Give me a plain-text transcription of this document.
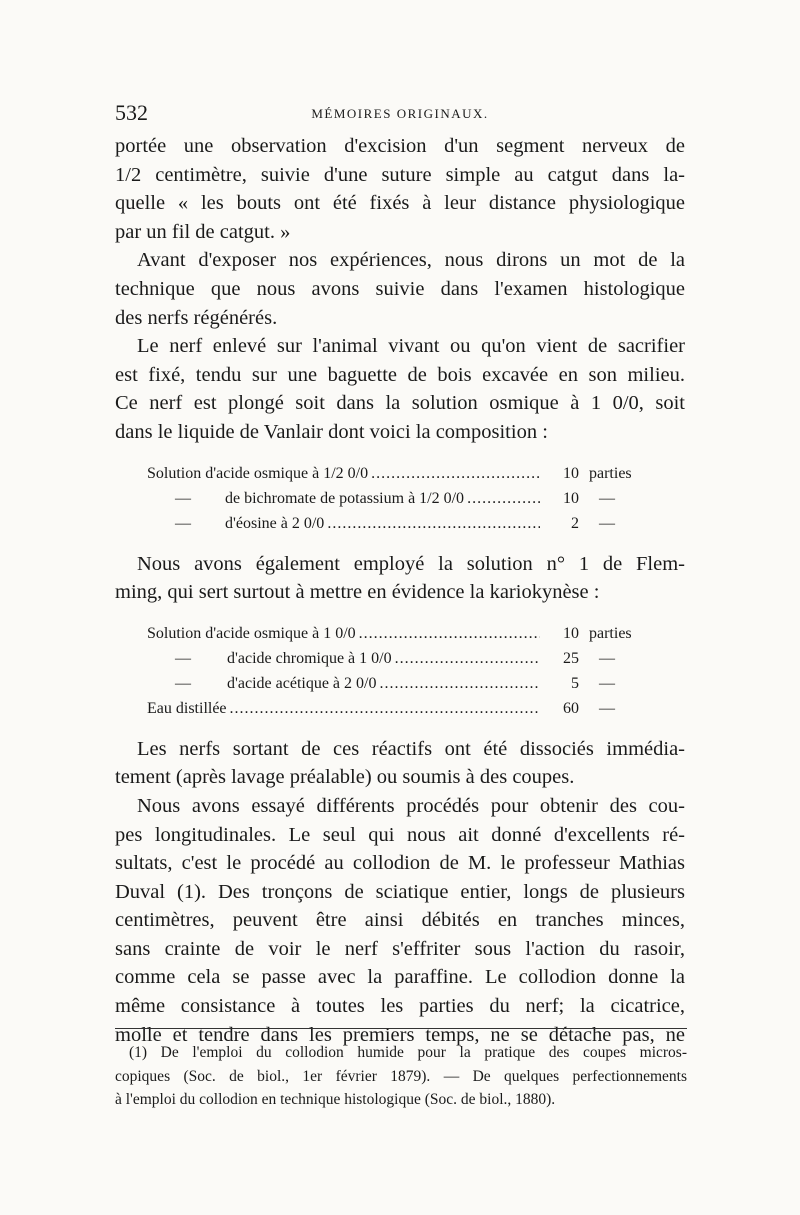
532	MÉMOIRES ORIGINAUX.

portée une observation d'excision d'un segment nerveux de

1/2 centimètre, suivie d'une suture simple au catgut dans la-

quelle « les bouts ont été fixés à leur distance physiologique

par un fil de catgut. »

Avant d'exposer nos expériences, nous dirons un mot de la

technique que nous avons suivie dans l'examen histologique

des nerfs régénérés.

Le nerf enlevé sur l'animal vivant ou qu'on vient de sacrifier

est fixé, tendu sur une baguette de bois excavée en son milieu.

Ce nerf est plongé soit dans la solution osmique à 1 0/0, soit

dans le liquide de Vanlair dont voici la composition :

Solution d'acide osmique à 1/2 0/0 .....	10 parties
— de bichromate de potassium à 1/2 0/0 .....	10	—
— d'éosine à 2 0/0 .....	2	—

Nous avons également employé la solution n° 1 de Flem-

ming, qui sert surtout à mettre en évidence la kariokynèse :

Solution d'acide osmique à 1 0/0 .....	10 parties
— d'acide chromique à 1 0/0 .....	25	—
— d'acide acétique à 2 0/0 .....	5	—
Eau distillée .....	60	—

Les nerfs sortant de ces réactifs ont été dissociés immédia-

tement (après lavage préalable) ou soumis à des coupes.

Nous avons essayé différents procédés pour obtenir des cou-

pes longitudinales. Le seul qui nous ait donné d'excellents ré-

sultats, c'est le procédé au collodion de M. le professeur Mathias

Duval (1). Des tronçons de sciatique entier, longs de plusieurs

centimètres, peuvent être ainsi débités en tranches minces,

sans crainte de voir le nerf s'effriter sous l'action du rasoir,

comme cela se passe avec la paraffine. Le collodion donne la

même consistance à toutes les parties du nerf; la cicatrice,

molle et tendre dans les premiers temps, ne se détache pas, ne

(1) De l'emploi du collodion humide pour la pratique des coupes micros-

copiques (Soc. de biol., 1er février 1879). — De quelques perfectionnements

à l'emploi du collodion en technique histologique (Soc. de biol., 1880).
